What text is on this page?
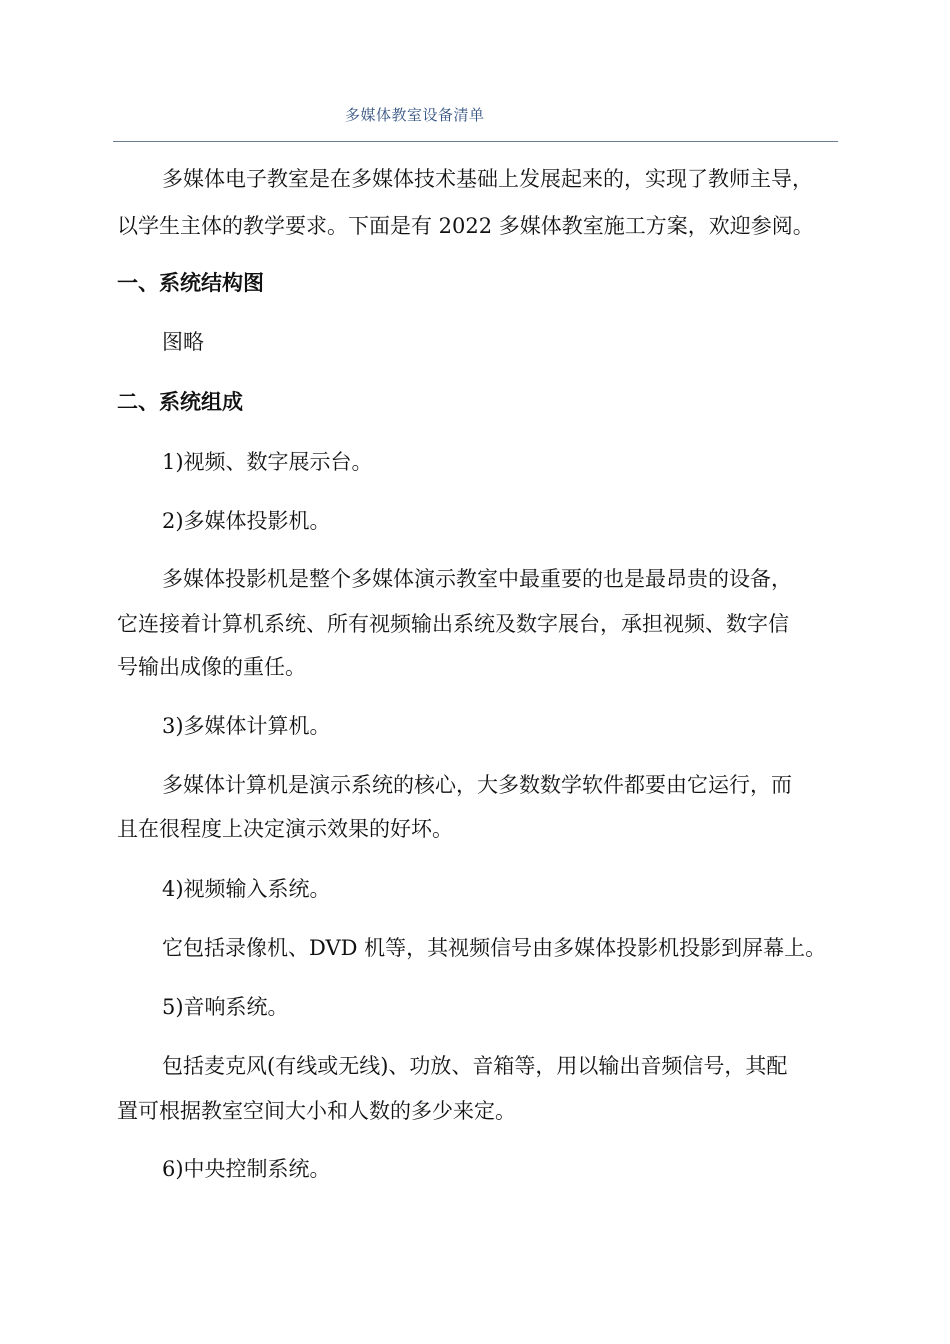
多媒体教室设备清单
多媒体电子教室是在多媒体技术基础上发展起来的，实现了教师主导，
以学生主体的教学要求。下面是有 2022 多媒体教室施工方案，欢迎参阅。
一、系统结构图
图略
二、系统组成
1)视频、数字展示台。
2)多媒体投影机。
多媒体投影机是整个多媒体演示教室中最重要的也是最昂贵的设备，
它连接着计算机系统、所有视频输出系统及数字展台，承担视频、数字信
号输出成像的重任。
3)多媒体计算机。
多媒体计算机是演示系统的核心，大多数数学软件都要由它运行，而
且在很程度上决定演示效果的好坏。
4)视频输入系统。
它包括录像机、DVD 机等，其视频信号由多媒体投影机投影到屏幕上。
5)音响系统。
包括麦克风(有线或无线)、功放、音箱等，用以输出音频信号，其配
置可根据教室空间大小和人数的多少来定。
6)中央控制系统。
